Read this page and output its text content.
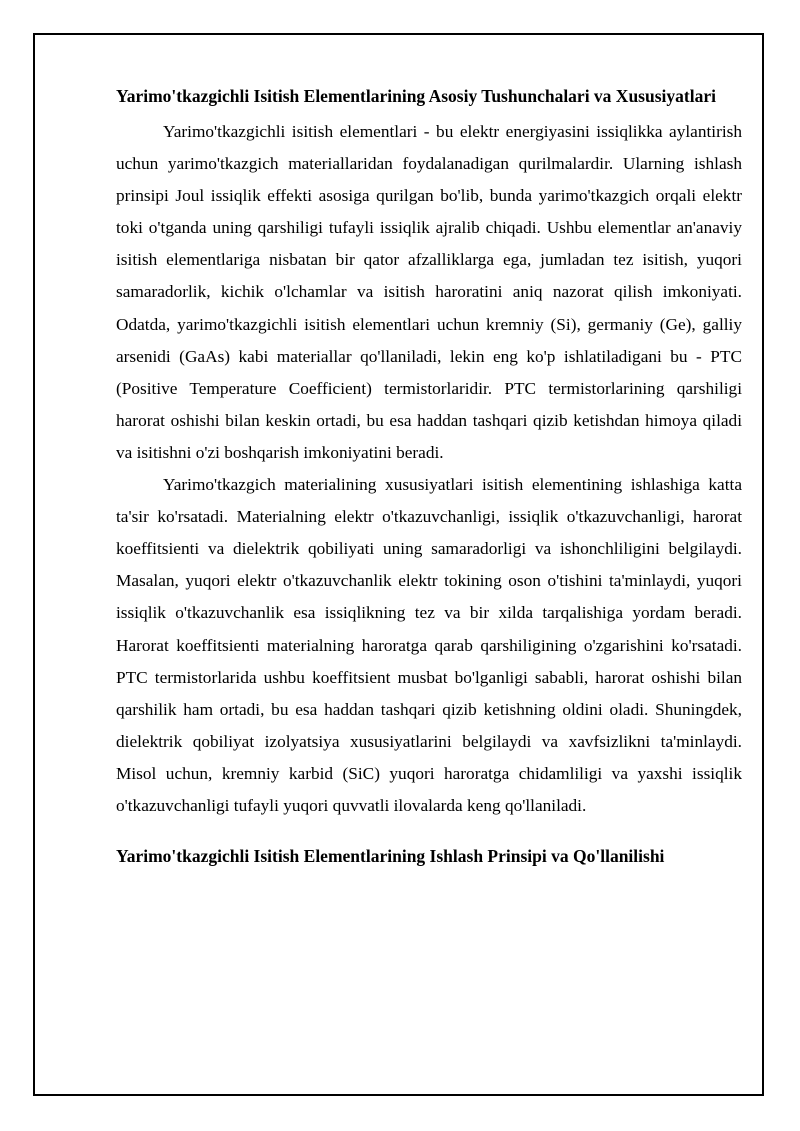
Yarimo'tkazgichli Isitish Elementlarining Asosiy Tushunchalari va Xususiyatlari

Yarimo'tkazgichli isitish elementlari - bu elektr energiyasini issiqlikka aylantirish uchun yarimo'tkazgich materiallaridan foydalanadigan qurilmalardir. Ularning ishlash prinsipi Joul issiqlik effekti asosiga qurilgan bo'lib, bunda yarimo'tkazgich orqali elektr toki o'tganda uning qarshiligi tufayli issiqlik ajralib chiqadi. Ushbu elementlar an'anaviy isitish elementlariga nisbatan bir qator afzalliklarga ega, jumladan tez isitish, yuqori samaradorlik, kichik o'lchamlar va isitish haroratini aniq nazorat qilish imkoniyati. Odatda, yarimo'tkazgichli isitish elementlari uchun kremniy (Si), germaniy (Ge), galliy arsenidi (GaAs) kabi materiallar qo'llaniladi, lekin eng ko'p ishlatiladigani bu - PTC (Positive Temperature Coefficient) termistorlaridir. PTC termistorlarining qarshiligi harorat oshishi bilan keskin ortadi, bu esa haddan tashqari qizib ketishdan himoya qiladi va isitishni o'zi boshqarish imkoniyatini beradi.

Yarimo'tkazgich materialining xususiyatlari isitish elementining ishlashiga katta ta'sir ko'rsatadi. Materialning elektr o'tkazuvchanligi, issiqlik o'tkazuvchanligi, harorat koeffitsienti va dielektrik qobiliyati uning samaradorligi va ishonchliligini belgilaydi. Masalan, yuqori elektr o'tkazuvchanlik elektr tokining oson o'tishini ta'minlaydi, yuqori issiqlik o'tkazuvchanlik esa issiqlikning tez va bir xilda tarqalishiga yordam beradi. Harorat koeffitsienti materialning haroratga qarab qarshiligining o'zgarishini ko'rsatadi. PTC termistorlarida ushbu koeffitsient musbat bo'lganligi sababli, harorat oshishi bilan qarshilik ham ortadi, bu esa haddan tashqari qizib ketishning oldini oladi. Shuningdek, dielektrik qobiliyat izolyatsiya xususiyatlarini belgilaydi va xavfsizlikni ta'minlaydi. Misol uchun, kremniy karbid (SiC) yuqori haroratga chidamliligi va yaxshi issiqlik o'tkazuvchanligi tufayli yuqori quvvatli ilovalarda keng qo'llaniladi.

Yarimo'tkazgichli Isitish Elementlarining Ishlash Prinsipi va Qo'llanilishi
